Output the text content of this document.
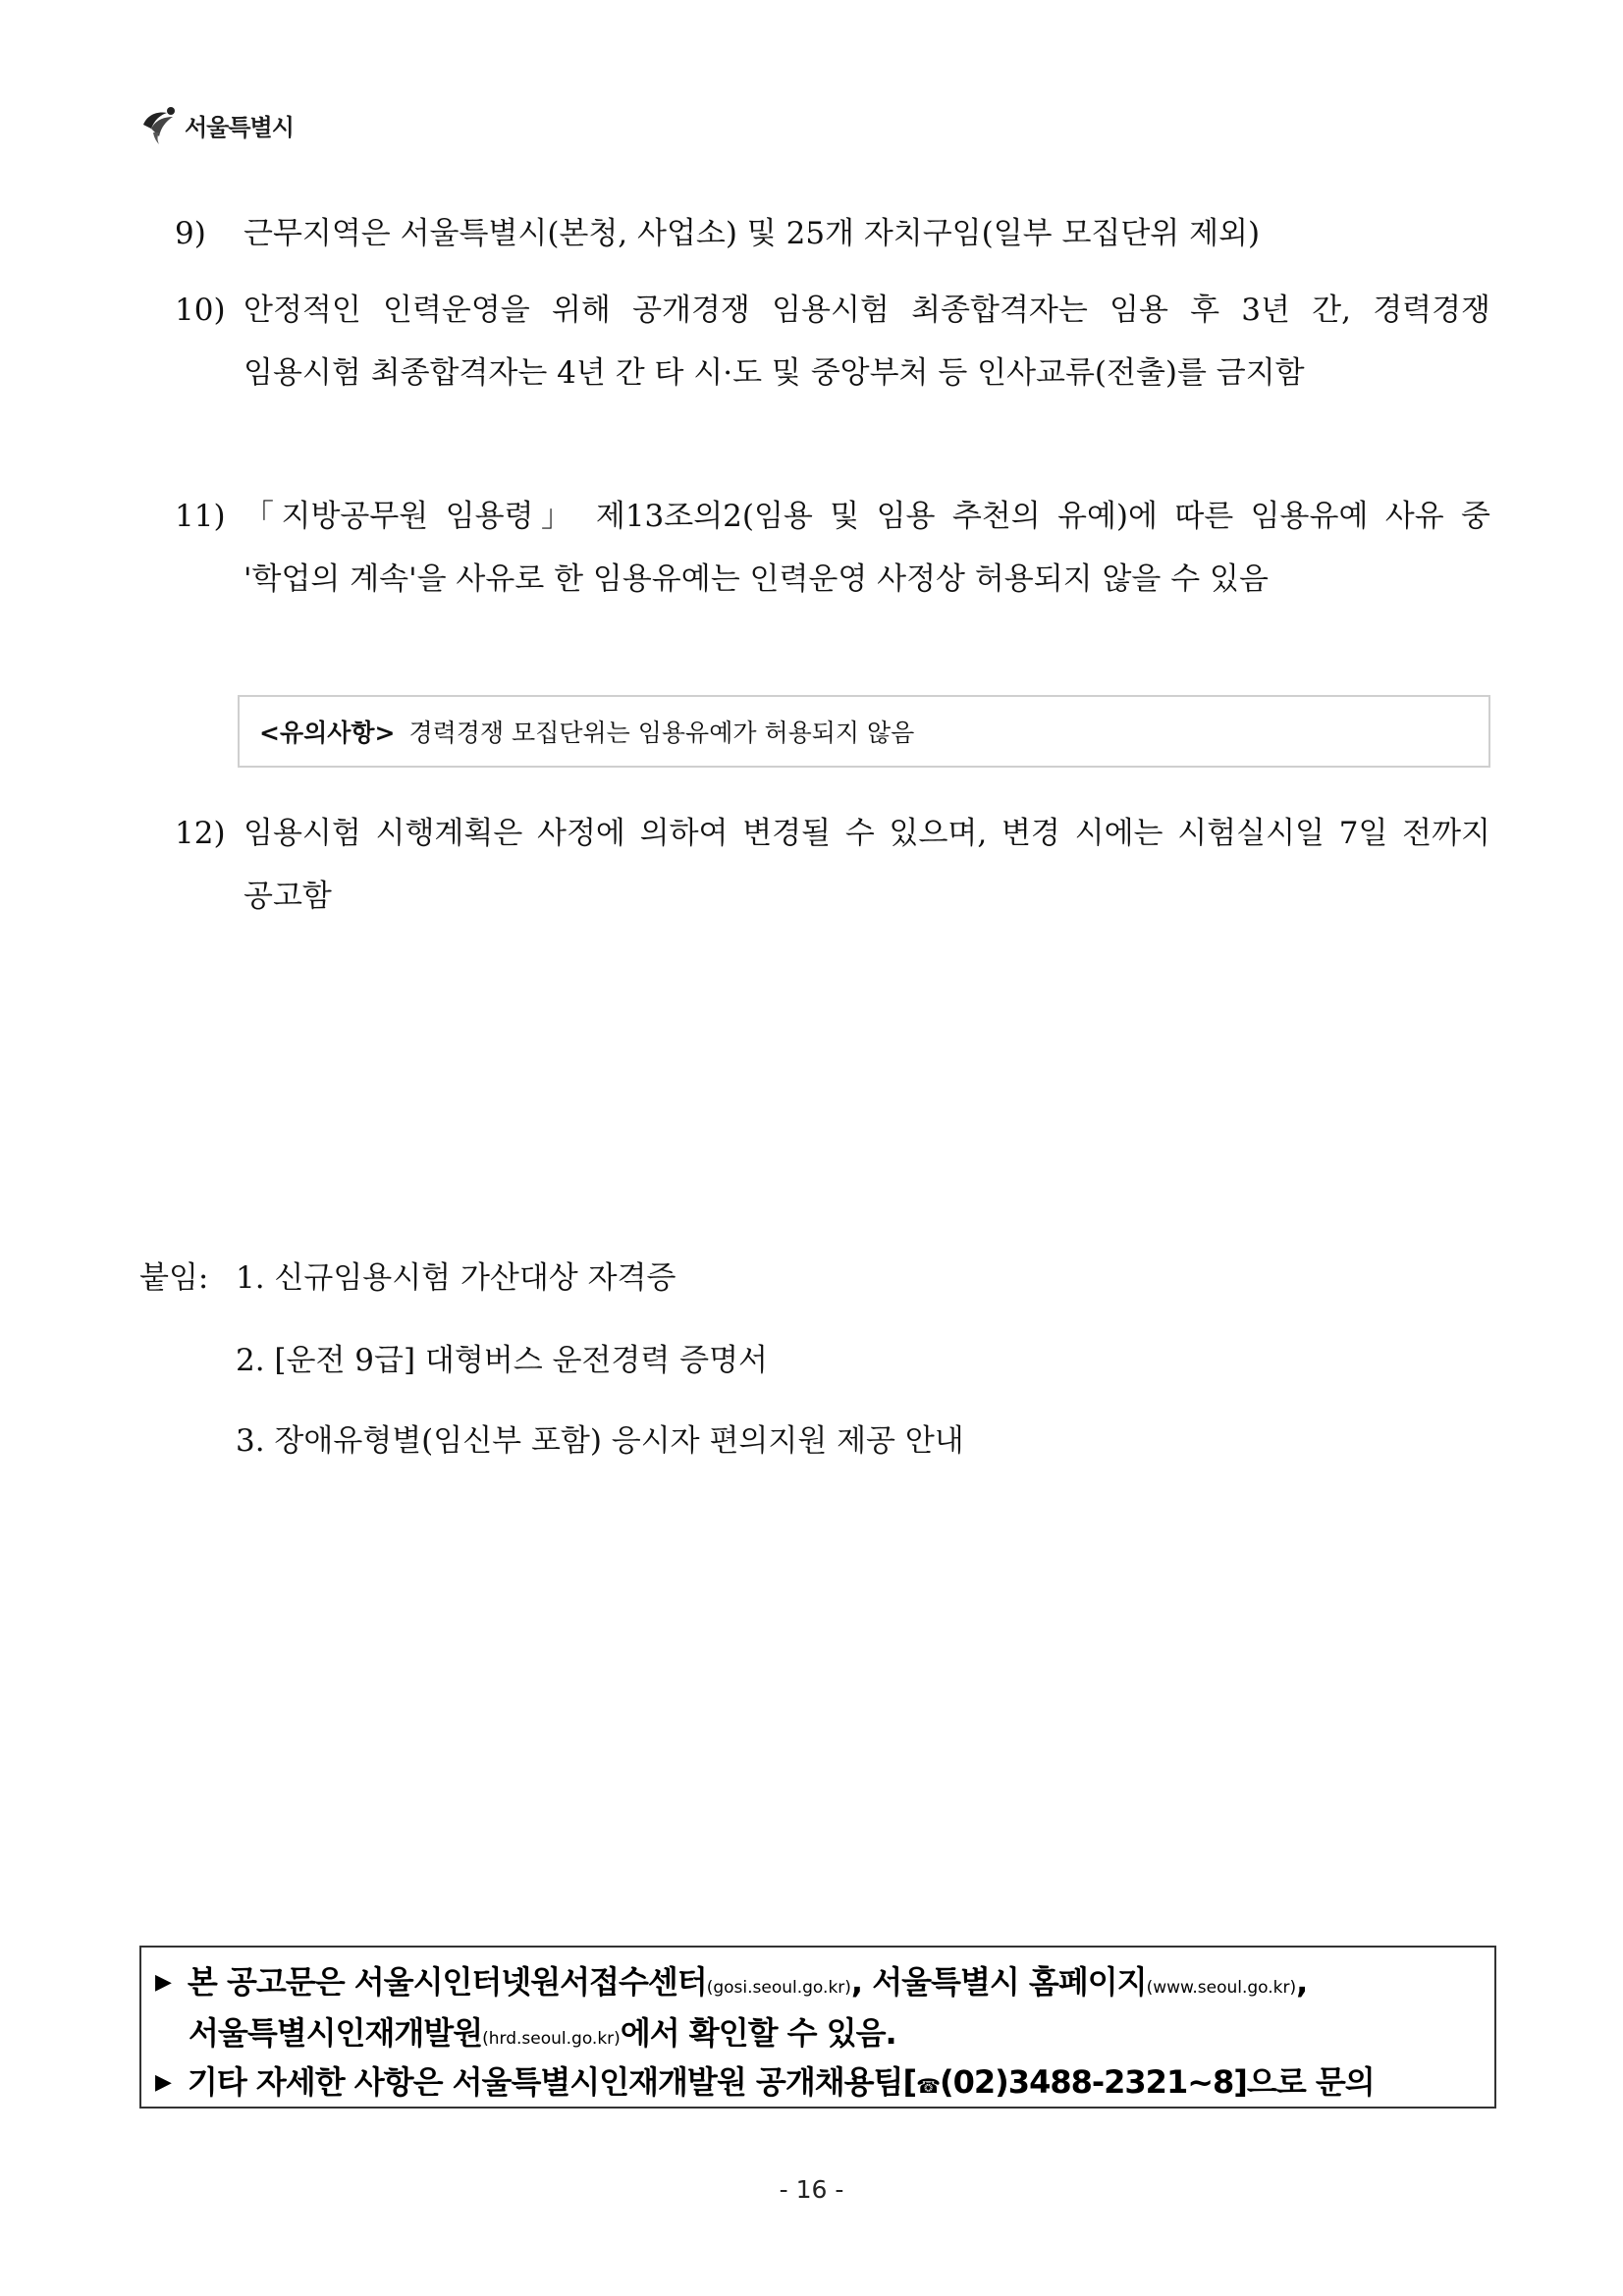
서울특별시
9) 근무지역은 서울특별시(본청, 사업소) 및 25개 자치구임(일부 모집단위 제외)
10) 안정적인 인력운영을 위해 공개경쟁 임용시험 최종합격자는 임용 후 3년 간, 경력경쟁 임용시험 최종합격자는 4년 간 타 시·도 및 중앙부처 등 인사교류(전출)를 금지함
11) 「지방공무원 임용령」 제13조의2(임용 및 임용 추천의 유예)에 따른 임용유예 사유 중 '학업의 계속'을 사유로 한 임용유예는 인력운영 사정상 허용되지 않을 수 있음
<유의사항> 경력경쟁 모집단위는 임용유예가 허용되지 않음
12) 임용시험 시행계획은 사정에 의하여 변경될 수 있으며, 변경 시에는 시험실시일 7일 전까지 공고함
붙임: 1. 신규임용시험 가산대상 자격증
2. [운전 9급] 대형버스 운전경력 증명서
3. 장애유형별(임신부 포함) 응시자 편의지원 제공 안내
▶ 본 공고문은 서울시인터넷원서접수센터 (gosi.seoul.go.kr) , 서울특별시 홈페이지 (www.seoul.go.kr) ,
서울특별시인재개발원 (hrd.seoul.go.kr) 에서 확인할 수 있음.
▶ 기타 자세한 사항은 서울특별시인재개발원 공개채용팀[ ☎ (02)3488-2321~8] 으로 문의
- 16 -
